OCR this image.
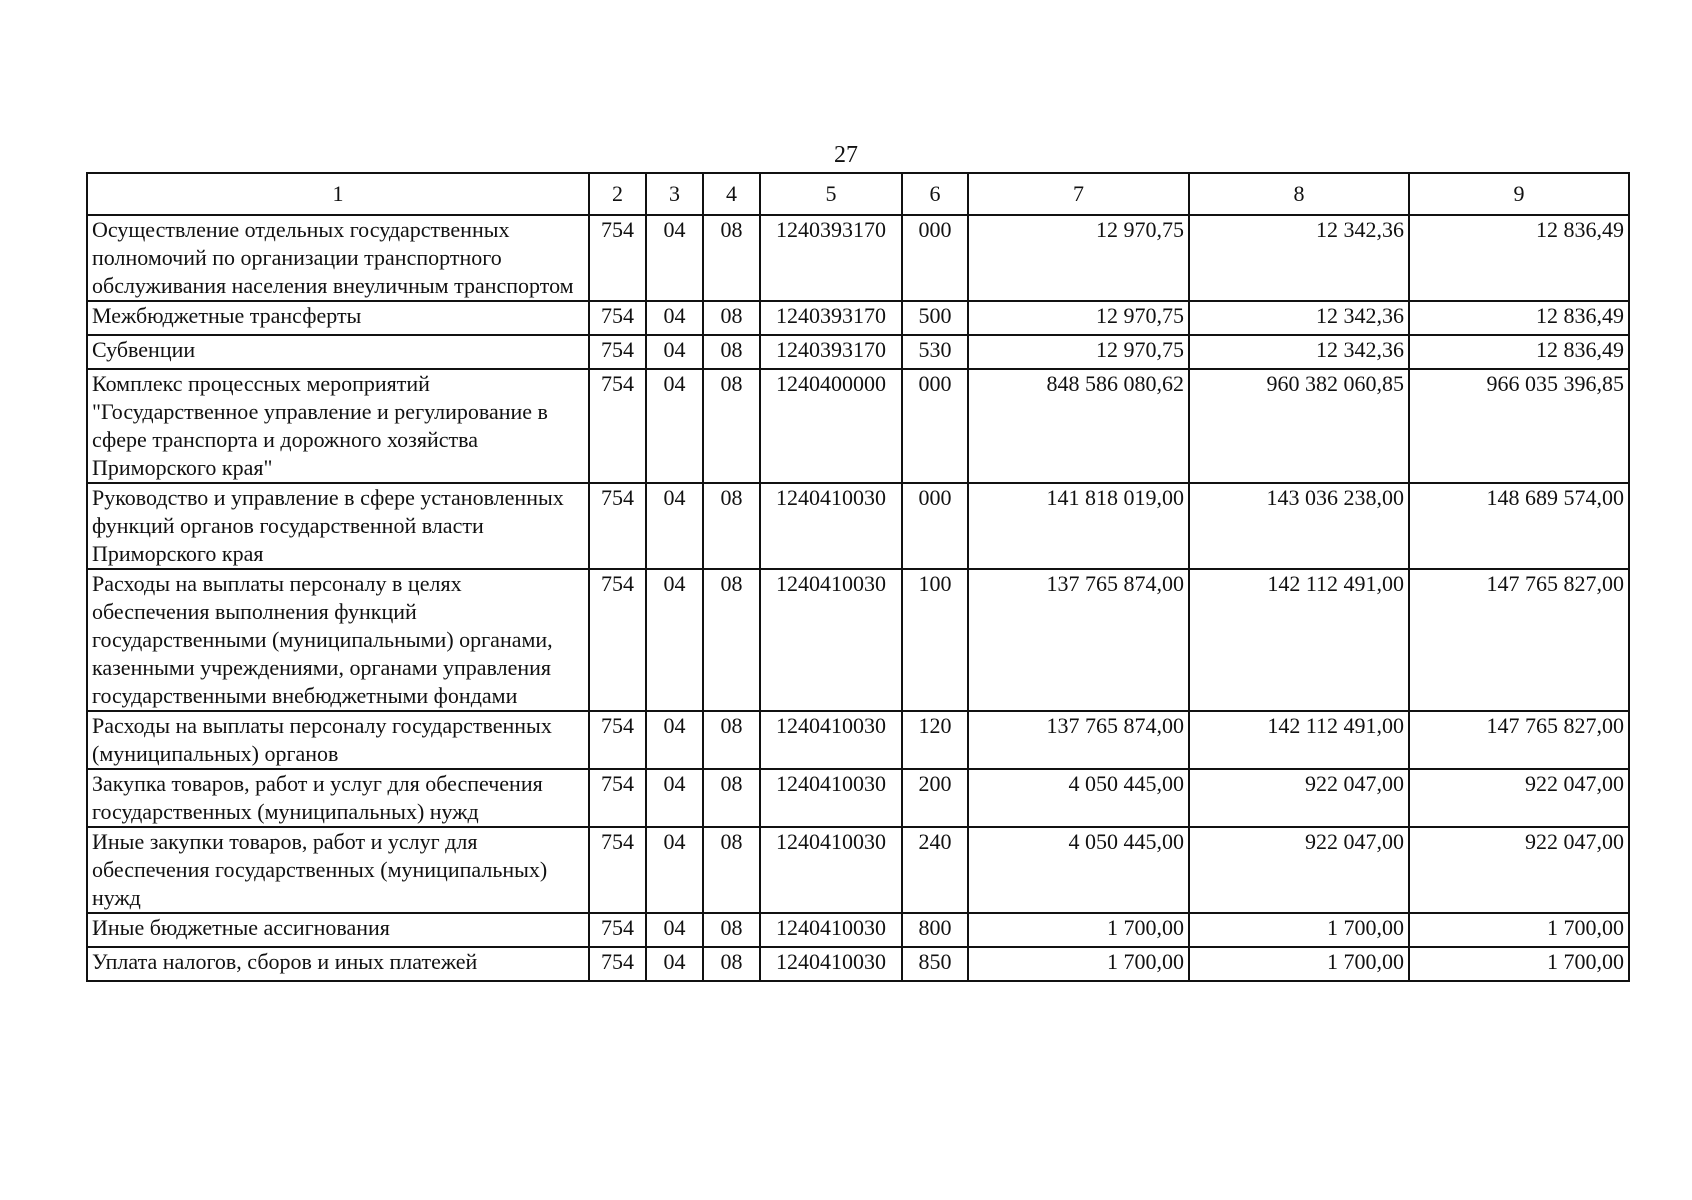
27
1	2	3	4	5	6	7	8	9
Осуществление отдельных государственных полномочий по организации транспортного обслуживания населения внеуличным транспортом	754	04	08	1240393170	000	12 970,75	12 342,36	12 836,49
Межбюджетные трансферты	754	04	08	1240393170	500	12 970,75	12 342,36	12 836,49
Субвенции	754	04	08	1240393170	530	12 970,75	12 342,36	12 836,49
Комплекс процессных мероприятий "Государственное управление и регулирование в сфере транспорта и дорожного хозяйства Приморского края"	754	04	08	1240400000	000	848 586 080,62	960 382 060,85	966 035 396,85
Руководство и управление в сфере установленных функций органов государственной власти Приморского края	754	04	08	1240410030	000	141 818 019,00	143 036 238,00	148 689 574,00
Расходы на выплаты персоналу в целях обеспечения выполнения функций государственными (муниципальными) органами, казенными учреждениями, органами управления государственными внебюджетными фондами	754	04	08	1240410030	100	137 765 874,00	142 112 491,00	147 765 827,00
Расходы на выплаты персоналу государственных (муниципальных) органов	754	04	08	1240410030	120	137 765 874,00	142 112 491,00	147 765 827,00
Закупка товаров, работ и услуг для обеспечения государственных (муниципальных) нужд	754	04	08	1240410030	200	4 050 445,00	922 047,00	922 047,00
Иные закупки товаров, работ и услуг для обеспечения государственных (муниципальных) нужд	754	04	08	1240410030	240	4 050 445,00	922 047,00	922 047,00
Иные бюджетные ассигнования	754	04	08	1240410030	800	1 700,00	1 700,00	1 700,00
Уплата налогов, сборов и иных платежей	754	04	08	1240410030	850	1 700,00	1 700,00	1 700,00
